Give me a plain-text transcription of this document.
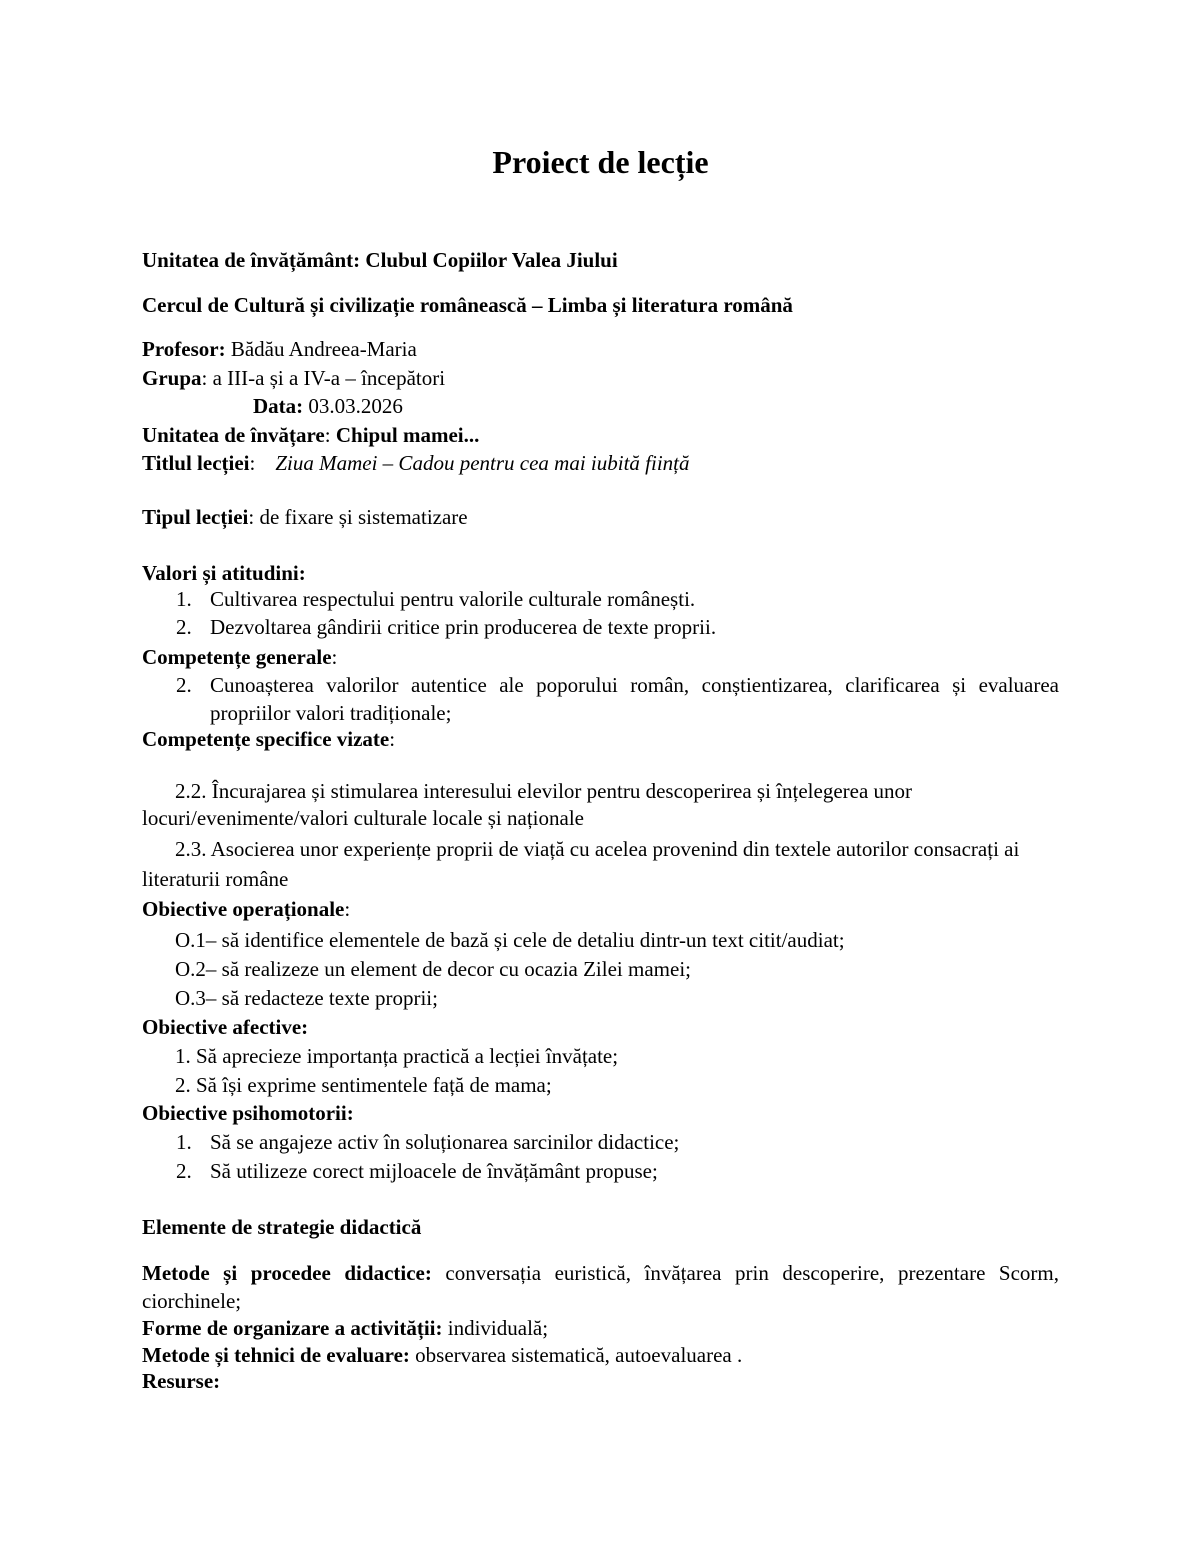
Proiect de lecție
Unitatea de învățământ: Clubul Copiilor Valea Jiului
Cercul de Cultură și civilizație românească – Limba și literatura română
Profesor: Bădău Andreea-Maria
Grupa: a III-a și a IV-a – începători
Data: 03.03.2026
Unitatea de învățare: Chipul mamei...
Titlul lecției: Ziua Mamei – Cadou pentru cea mai iubită ființă
Tipul lecției: de fixare și sistematizare
Valori și atitudini:
1. Cultivarea respectului pentru valorile culturale românești.
2. Dezvoltarea gândirii critice prin producerea de texte proprii.
Competențe generale:
2. Cunoașterea valorilor autentice ale poporului român, conștientizarea, clarificarea și evaluarea propriilor valori tradiționale;
Competențe specifice vizate:
2.2. Încurajarea și stimularea interesului elevilor pentru descoperirea și înțelegerea unor locuri/evenimente/valori culturale locale și naționale
2.3. Asocierea unor experiențe proprii de viață cu acelea provenind din textele autorilor consacrați ai literaturii române
Obiective operaționale:
O.1– să identifice elementele de bază și cele de detaliu dintr-un text citit/audiat;
O.2– să realizeze un element de decor cu ocazia Zilei mamei;
O.3– să redacteze texte proprii;
Obiective afective:
1. Să aprecieze importanța practică a lecției învățate;
2. Să își exprime sentimentele față de mama;
Obiective psihomotorii:
1. Să se angajeze activ în soluționarea sarcinilor didactice;
2. Să utilizeze corect mijloacele de învățământ propuse;
Elemente de strategie didactică
Metode și procedee didactice: conversația euristică, învățarea prin descoperire, prezentare Scorm, ciorchinele;
Forme de organizare a activității: individuală;
Metode și tehnici de evaluare: observarea sistematică, autoevaluarea .
Resurse:
